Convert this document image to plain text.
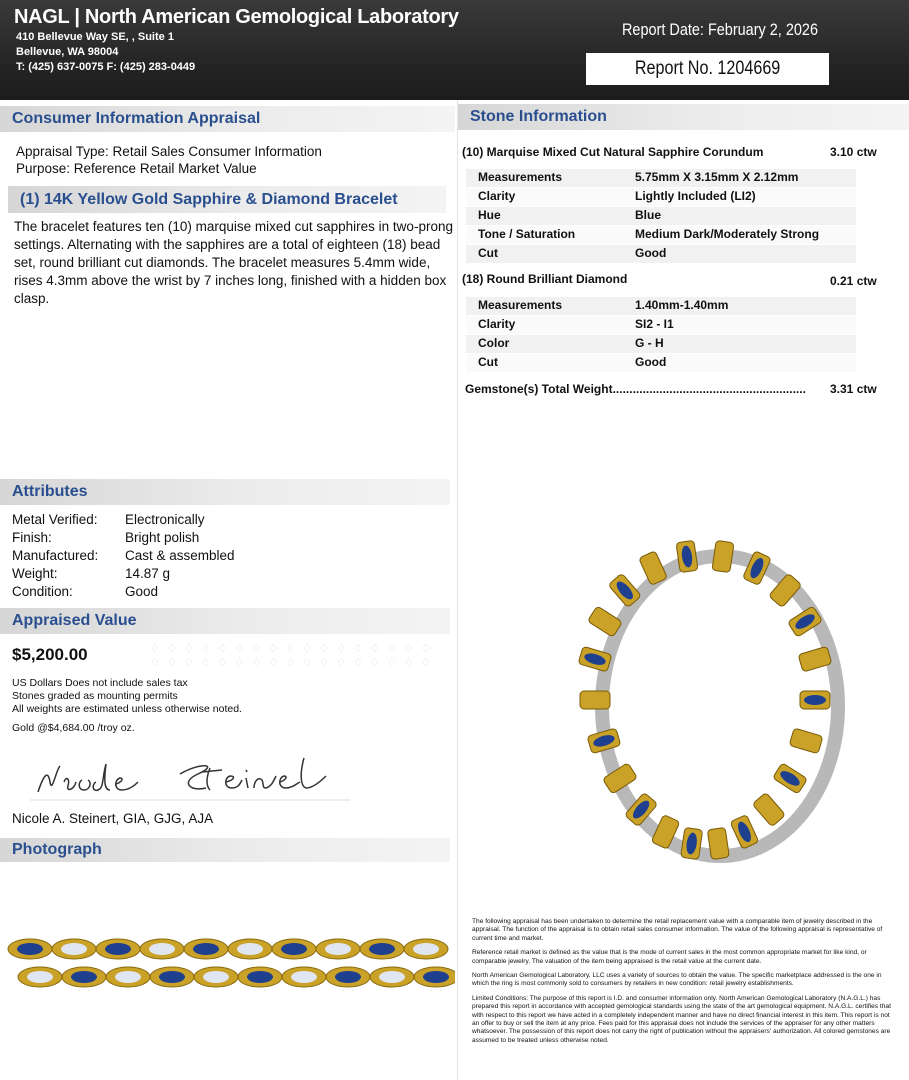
NAGL | North American Gemological Laboratory
410 Bellevue Way SE, , Suite 1
Bellevue, WA 98004
T: (425) 637-0075 F: (425) 283-0449
Report Date: February 2, 2026
Report No. 1204669
Consumer Information Appraisal
Appraisal Type: Retail Sales Consumer Information
Purpose: Reference Retail Market Value
(1) 14K Yellow Gold Sapphire & Diamond Bracelet
The bracelet features ten (10) marquise mixed cut sapphires in two-prong settings. Alternating with the sapphires are a total of eighteen (18) bead set, round brilliant cut diamonds. The bracelet measures 5.4mm wide, rises 4.3mm above the wrist by 7 inches long, finished with a hidden box clasp.
Stone Information
(10) Marquise Mixed Cut Natural Sapphire Corundum	3.10 ctw
Measurements	5.75mm X 3.15mm X 2.12mm
Clarity	Lightly Included (LI2)
Hue	Blue
Tone / Saturation	Medium Dark/Moderately Strong
Cut	Good
(18) Round Brilliant Diamond	0.21 ctw
Measurements	1.40mm-1.40mm
Clarity	SI2 - I1
Color	G - H
Cut	Good
Gemstone(s) Total Weight..........................................................	3.31 ctw
Attributes
Metal Verified: Electronically
Finish:	Bright polish
Manufactured: Cast & assembled
Weight:	14.87 g
Condition:	Good
Appraised Value
$5,200.00	♢ ♢ ♢ ♢ ♢ ♢ ♢ ♢ ♢ ♢ ♢ ♢ ♢ ♢ ♢ ♢ ♢
♢ ♢ ♢ ♢ ♢ ♢ ♢ ♢ ♢ ♢ ♢ ♢ ♢ ♢ ♢ ♢ ♢
US Dollars Does not include sales tax
Stones graded as mounting permits
All weights are estimated unless otherwise noted.
Gold @$4,684.00 /troy oz.
Nicole Steinert
Nicole A. Steinert, GIA, GJG, AJA
Photograph

The following appraisal has been undertaken to determine the retail replacement value with a comparable item of jewelry described in the appraisal. The function of the appraisal is to obtain retail sales consumer information. The value of the following appraisal is representative of current time and market.

Reference retail market is defined as the value that is the mode of current sales in the most common appropriate market for like kind, or comparable jewelry. The valuation of the item being appraised is the retail value at the current date.

North American Gemological Laboratory, LLC uses a variety of sources to obtain the value. The specific marketplace addressed is the one in which the ring is most commonly sold to consumers by retailers in new condition: retail jewelry establishments.

Limited Conditions: The purpose of this report is I.D. and consumer information only. North American Gemological Laboratory (N.A.G.L.) has prepared this report in accordance with accepted gemological standards using the state of the art gemological equipment. N.A.G.L. certifies that with respect to this report we have acted in a completely independent manner and have no direct financial interest in this item. This report is not an offer to buy or sell the item at any price. Fees paid for this appraisal does not include the services of the appraiser for any other matters whatsoever. The possession of this report does not carry the right of publication without the appraisers' authorization. All colored gemstones are assumed to be treated unless otherwise noted.
